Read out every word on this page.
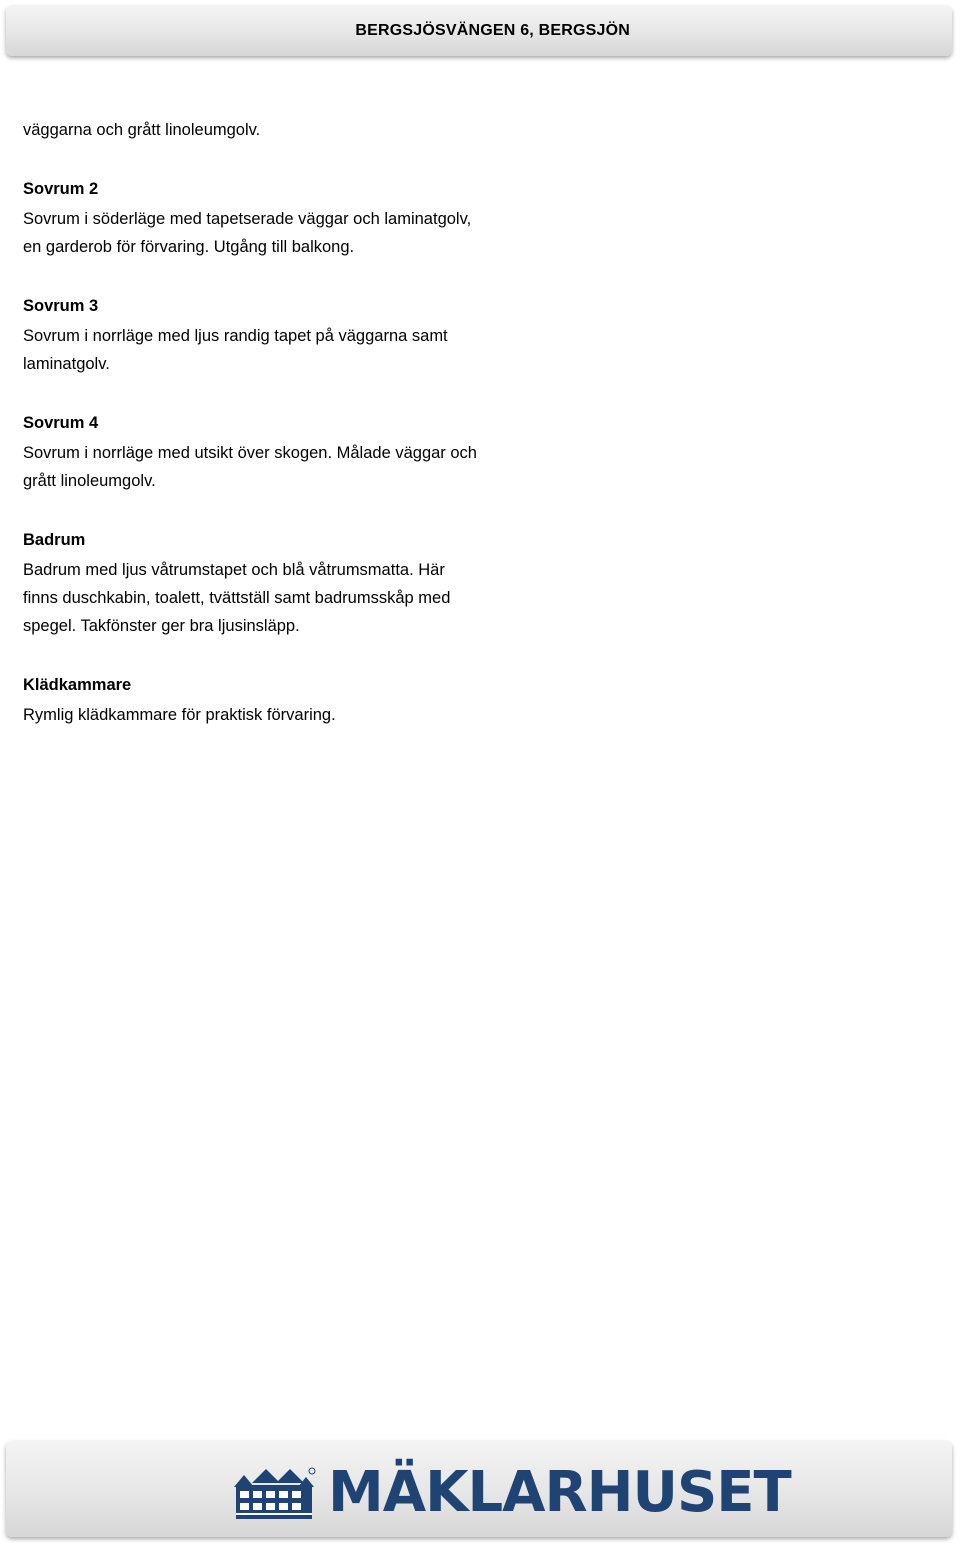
BERGSJÖSVÄNGEN 6, BERGSJÖN

väggarna och grått linoleumgolv.

Sovrum 2

Sovrum i söderläge med tapetserade väggar och laminatgolv, en garderob för förvaring. Utgång till balkong.

Sovrum 3

Sovrum i norrläge med ljus randig tapet på väggarna samt laminatgolv.

Sovrum 4

Sovrum i norrläge med utsikt över skogen. Målade väggar och grått linoleumgolv.

Badrum

Badrum med ljus våtrumstapet och blå våtrumsmatta. Här finns duschkabin, toalett, tvättställ samt badrumsskåp med spegel. Takfönster ger bra ljusinsläpp.

Klädkammare

Rymlig klädkammare för praktisk förvaring.

MÄKLARHUSET
